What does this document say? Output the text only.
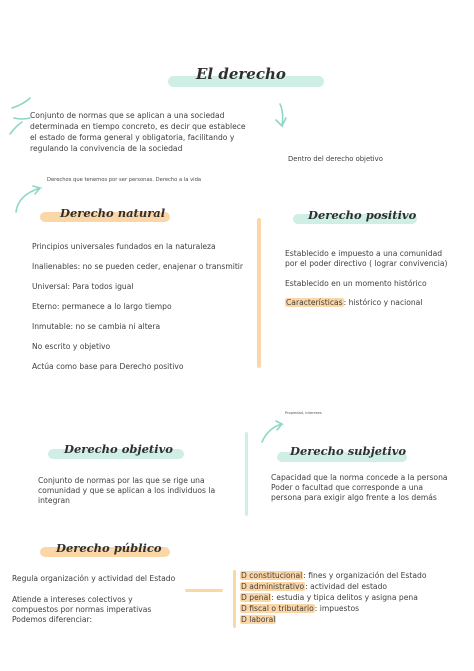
El derecho
Conjunto de normas que se aplican a una sociedad
determinada en tiempo concreto, es decir que establece
el estado de forma general y obligatoria, facilitando y
regulando la convivencia de la sociedad
Dentro del derecho objetivo
Derechos que tenemos por ser personas. Derecho a la vida
Derecho natural
Principios universales fundados en la naturaleza
Inalienables: no se pueden ceder, enajenar o transmitir
Universal: Para todos igual
Eterno: permanece a lo largo tiempo
Inmutable: no se cambia ni altera
No escrito y objetivo
Actúa como base para Derecho positivo
Derecho positivo
Establecido e impuesto a una comunidad
por el poder directivo ( lograr convivencia)
Establecido en un momento histórico
Características: histórico y nacional
Derecho objetivo
Conjunto de normas por las que se rige una
comunidad y que se aplican a los individuos la
integran
Propiedad, intereses
Derecho subjetivo
Capacidad que la norma concede a la persona
Poder o facultad que corresponde a una
persona para exigir algo frente a los demás
Derecho público
Regula organización y actividad del Estado
Atiende a intereses colectivos y
compuestos por normas imperativas
Podemos diferenciar:
D constitucional: fines y organización del Estado
D administrativo: actividad del estado
D penal: estudia y tipica delitos y asigna pena
D fiscal o tributario: impuestos
D laboral
